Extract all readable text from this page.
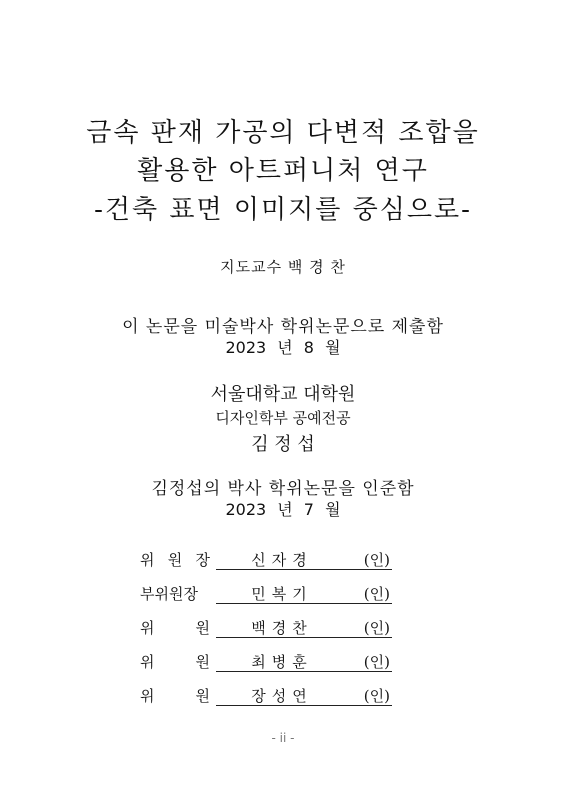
금속 판재 가공의 다변적 조합을
활용한 아트퍼니처 연구
-건축 표면 이미지를 중심으로-
지도교수 백 경 찬
이 논문을 미술박사 학위논문으로 제출함
2023 년 8 월
서울대학교 대학원
디자인학부 공예전공
김 정 섭
김정섭의 박사 학위논문을 인준함
2023 년 7 월
위 원 장	신자경	(인)
부위원장	민복기	(인)
위	원	백경찬	(인)
위	원	최병훈	(인)
위	원	장성연	(인)
- ii -
